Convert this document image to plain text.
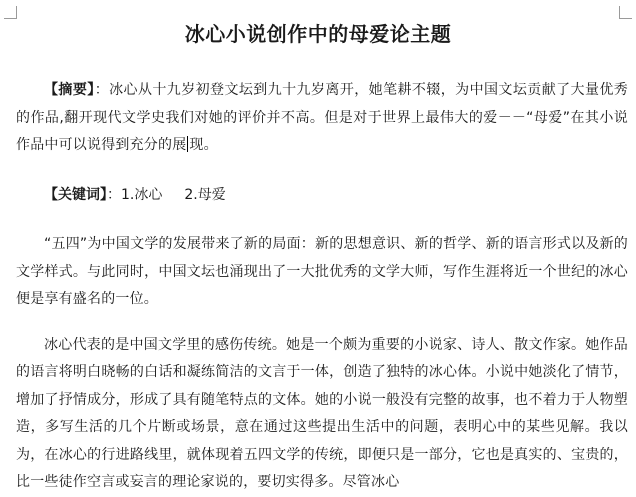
冰心小说创作中的母爱论主题

【摘要】：冰心从十九岁初登文坛到九十九岁离开，她笔耕不辍，为中国文坛贡献了大量优秀的作品,翻开现代文学史我们对她的评价并不高。但是对于世界上最伟大的爱－－“母爱”在其小说作品中可以说得到充分的展 现。

【关键词】：1.冰心 2.母爱

“五四”为中国文学的发展带来了新的局面：新的思想意识、新的哲学、新的语言形式以及新的文学样式。与此同时，中国文坛也涌现出了一大批优秀的文学大师，写作生涯将近一个世纪的冰心便是享有盛名的一位。

冰心代表的是中国文学里的感伤传统。她是一个颇为重要的小说家、诗人、散文作家。她作品的语言将明白晓畅的白话和凝练简洁的文言于一体，创造了独特的冰心体。小说中她淡化了情节，增加了抒情成分，形成了具有随笔特点的文体。她的小说一般没有完整的故事，也不着力于人物塑造，多写生活的几个片断或场景，意在通过这些提出生活中的问题，表明心中的某些见解。我以为，在冰心的行进路线里，就体现着五四文学的传统，即便只是一部分，它也是真实的、宝贵的，比一些徒作空言或妄言的理论家说的，要切实得多。尽管冰心
